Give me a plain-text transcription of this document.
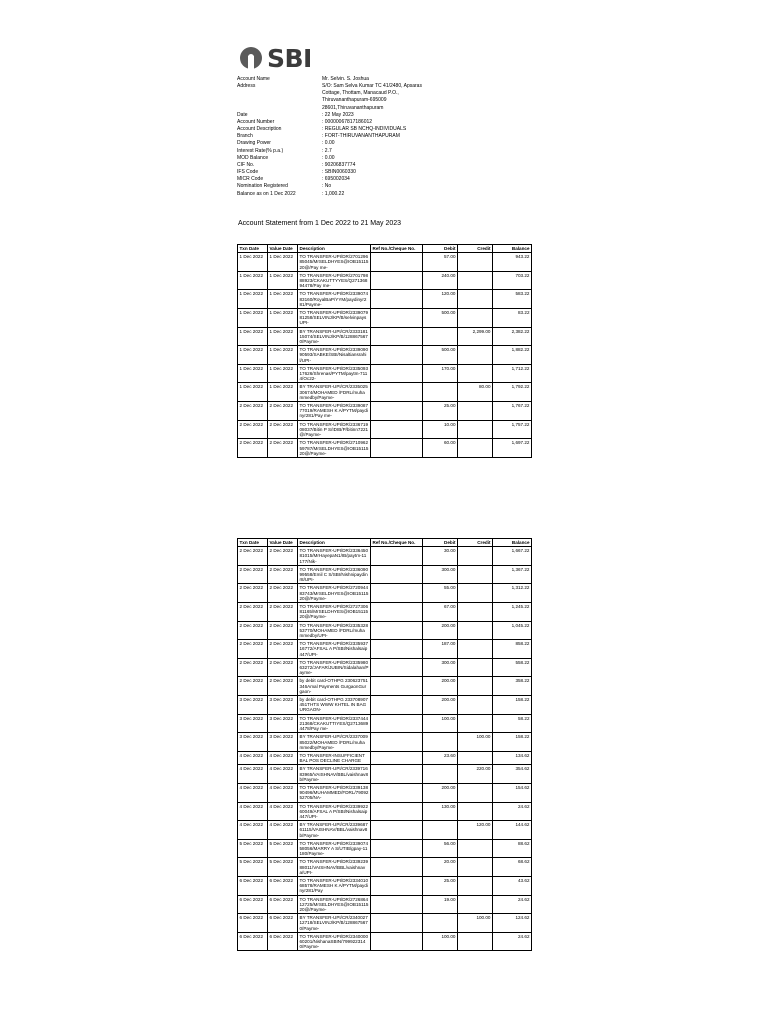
SBI
Account Name	Mr. Selvin. S. Joshua
Address	S/O: Sam Selva Kumar TC 41/2480, Apsaras Cottage, Thottam, Manacaud P.O., Thiruvananthapuram-695009 28601,Thiruvananthapuram
Date	: 22 May 2023
Account Number	: 00000067817186012
Account Description	: REGULAR SB NCHQ-INDIVIDUALS
Branch	: FORT-THIRUVANANTHAPURAM
Drawing Power	: 0.00
Interest Rate(% p.a.)	: 2.7
MOD Balance	: 0.00
CIF No.	: 90206837774
IFS Code	: SBIN0060330
MICR Code	: 695002034
Nomination Registered	: No
Balance as on 1 Dec 2022	: 1,000.22
Account Statement from 1 Dec 2022 to 21 May 2023
Txn Date	Value Date	Description	Ref No./Cheque No.	Debit	Credit	Balance
1 Dec 2022	1 Dec 2022	TO TRANSFER-UPI/DR/270129685045/MrSELDHYES@IOB1511520@/Pay me-		57.00		943.22
1 Dec 2022	1 Dec 2022	TO TRANSFER-UPI/DR/270179888923/CKAKUTTYYES/Q27136894478/Pay me-		240.00		703.22
1 Dec 2022	1 Dec 2022	TO TRANSFER-UPI/DR/233907483160/RoyalBaP/YYM/paydinyr281/Payme-		120.00		583.22
1 Dec 2022	1 Dec 2022	TO TRANSFER-UPI/DR/233907981258/SELVINJ/KP/B/selvinpaysUPI-		500.00		83.22
1 Dec 2022	1 Dec 2022	BY TRANSFER-UPI/CR/233318115074/SELVINJ/KP/B/1288675670/Payme-			2,299.00	2,382.22
1 Dec 2022	1 Dec 2022	TO TRANSFER-UPI/DR/233909090593/SABKE/SBI/Nisaltiansrahil/UPI-		500.00		1,882.22
1 Dec 2022	1 Dec 2022	TO TRANSFER-UPI/DR/233509317626/Shrenas/PYTM/paytm-7114/Oc22-		170.00		1,712.22
1 Dec 2022	1 Dec 2022	BY TRANSFER-UPI/CR/233502530674/MOHAMED /FDRL/muhammedby/Payme-			80.00	1,792.22
2 Dec 2022	2 Dec 2022	TO TRANSFER-UPI/DR/233908777019/RAMESH K A/PYTM/paydinyr281/Pay me-		25.00		1,767.22
2 Dec 2022	2 Dec 2022	TO TRANSFER-UPI/DR/233671908037/Bitin P S/IDIB/P/bitinn7221@/Payme-		10.00		1,757.22
2 Dec 2022	2 Dec 2022	TO TRANSFER-UPI/DR/271096259787/MrSELDHYES@IOB1511520@/Payme-		60.00		1,697.22
Txn Date	Value Date	Description	Ref No./Cheque No.	Debit	Credit	Balance
2 Dec 2022	2 Dec 2022	TO TRANSFER-UPI/DR/233645081015/MrHayepaN1/IB/paytm-11177/Nik-		30.00		1,667.22
2 Dec 2022	2 Dec 2022	TO TRANSFER-UPI/DR/233609099558/Emil C S/SBI/Nishnipaydinr8/UPI-		300.00		1,367.22
2 Dec 2022	2 Dec 2022	TO TRANSFER-UPI/DR/272094483743/MrSELDHYES@IOB1511520@/Payme-		55.00		1,312.22
2 Dec 2022	2 Dec 2022	TO TRANSFER-UPI/DR/272730681165/MrSELDHYES@IOB1511520@/Payme-		67.00		1,245.22
2 Dec 2022	2 Dec 2022	TO TRANSFER-UPI/DR/233532853770/MOHAMED /FDRL/muhammedby/UPI-		200.00		1,045.22
2 Dec 2022	2 Dec 2022	TO TRANSFER-UPI/DR/233593716772/AFSAL A P/SBI/Nishalsaip447/UPI-		187.00		858.22
2 Dec 2022	2 Dec 2022	TO TRANSFER-UPI/DR/233598063272/JAFAR/JUBIN/Sidalahan/Payme-		300.00		558.22
2 Dec 2022	2 Dec 2022	by debit card-OTHPG 230623751346Amal Payments GurgaonGurgaon-		200.00		358.22
3 Dec 2022	3 Dec 2022	by debit card-OTHPG 233708907451THTS WWW KHTEL IN BAGURGAON-		200.00		158.22
3 Dec 2022	3 Dec 2022	TO TRANSFER-UPI/DR/233744421368/CKAKUTTIYES/Q27136894478/Pay me-		100.00		58.22
3 Dec 2022	3 Dec 2022	BY TRANSFER-UPI/CR/233700985022/MOHAMED /FDRL/muhammedby/Payme-			100.00	158.22
4 Dec 2022	4 Dec 2022	TO TRANSFER-INSUFFICIENT BAL POS DECLINE CHARGE		23.60		134.62
4 Dec 2022	4 Dec 2022	BY TRANSFER-UPI/CR/233971683965/VAISHNAV/BBL/vaishnav8b/Payme-			220.00	354.62
4 Dec 2022	4 Dec 2022	TO TRANSFER-UPI/DR/233913890496/MUHAMMED/FDRL/7909252705/NA-		200.00		154.62
4 Dec 2022	4 Dec 2022	TO TRANSFER-UPI/DR/233992260049/AFSAL A P/SBI/Nishalsaip447/UPI-		130.00		24.62
4 Dec 2022	4 Dec 2022	BY TRANSFER-UPI/CR/233968761115/VAISHNAV/BBL/vaishnav8b/Payme-			120.00	144.62
5 Dec 2022	5 Dec 2022	TO TRANSFER-UPI/DR/233907458056/MARRY A S/UTIB/gpay-11180/Payme-		56.00		88.62
5 Dec 2022	5 Dec 2022	TO TRANSFER-UPI/DR/233923988011/VAISHNAV/BBL/vaishnava/UPI-		20.00		68.62
6 Dec 2022	6 Dec 2022	TO TRANSFER-UPI/DR/233401068578/RAMESH K A/PYTM/paydinyr281/Pay		25.00		43.62
6 Dec 2022	6 Dec 2022	TO TRANSFER-UPI/DR/272686412725/MrSELDHYES@IOB1511520@/Payme-		19.00		24.62
6 Dec 2022	6 Dec 2022	BY TRANSFER-UPI/CR/234002712718/SELVINJ/KP/B/1288675670/Payme-			100.00	124.62
6 Dec 2022	6 Dec 2022	TO TRANSFER-UPI/DR/234000060201/NishanaSBIN/7999223140/Payme-		100.00		24.62
